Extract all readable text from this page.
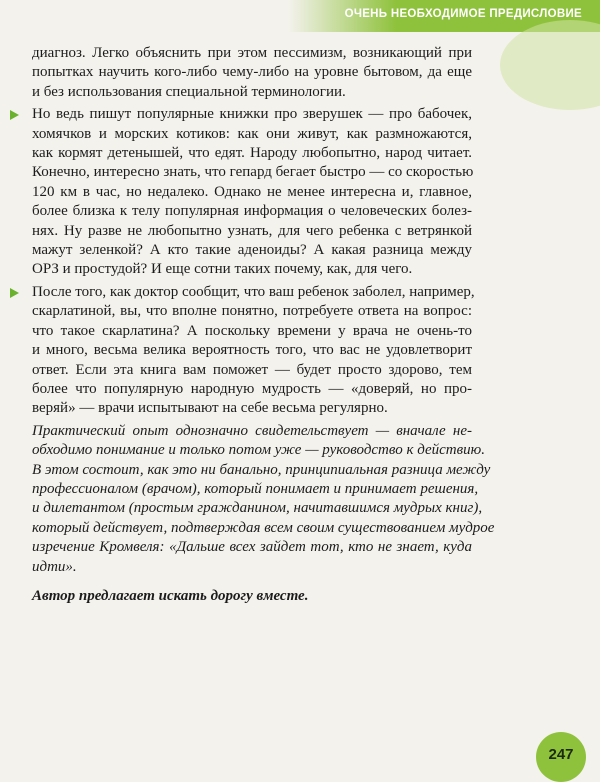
ОЧЕНЬ НЕОБХОДИМОЕ ПРЕДИСЛОВИЕ
диагноз. Легко объяснить при этом пессимизм, возникающий при
попытках научить кого-либо чему-либо на уровне бытовом, да еще
и без использования специальной терминологии.
Но ведь пишут популярные книжки про зверушек — про бабочек,
хомячков и морских котиков: как они живут, как размножаются,
как кормят детенышей, что едят. Народу любопытно, народ читает.
Конечно, интересно знать, что гепард бегает быстро — со скоростью
120 км в час, но недалеко. Однако не менее интересна и, главное,
более близка к телу популярная информация о человеческих болез-
нях. Ну разве не любопытно узнать, для чего ребенка с ветрянкой
мажут зеленкой? А кто такие аденоиды? А какая разница между
ОРЗ и простудой? И еще сотни таких почему, как, для чего.
После того, как доктор сообщит, что ваш ребенок заболел, например,
скарлатиной, вы, что вполне понятно, потребуете ответа на вопрос:
что такое скарлатина? А поскольку времени у врача не очень-то
и много, весьма велика вероятность того, что вас не удовлетворит
ответ. Если эта книга вам поможет — будет просто здорово, тем
более что популярную народную мудрость — «доверяй, но про-
веряй» — врачи испытывают на себе весьма регулярно.
Практический опыт однозначно свидетельствует — вначале не-
обходимо понимание и только потом уже — руководство к действию.
В этом состоит, как это ни банально, принципиальная разница между
профессионалом (врачом), который понимает и принимает решения,
и дилетантом (простым гражданином, начитавшимся мудрых книг),
который действует, подтверждая всем своим существованием мудрое
изречение Кромвеля: «Дальше всех зайдет тот, кто не знает, куда
идти».
Автор предлагает искать дорогу вместе.
247
